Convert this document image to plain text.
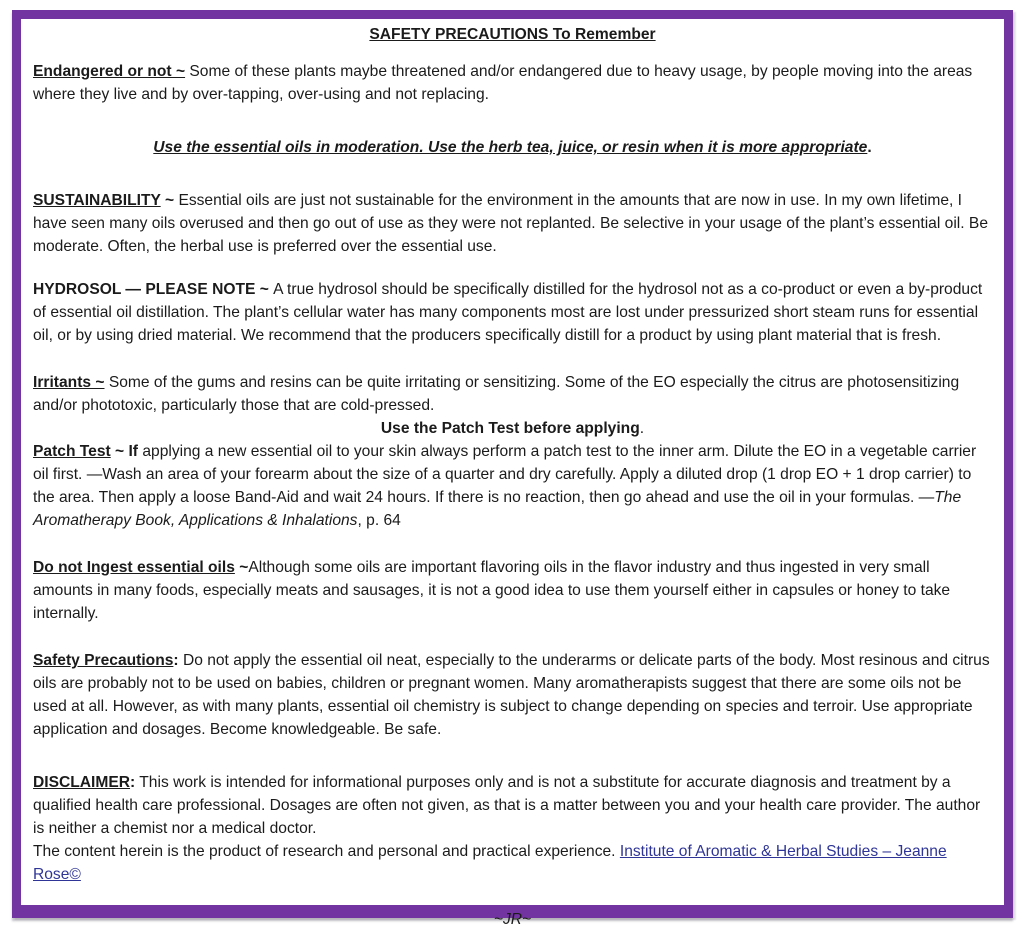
SAFETY PRECAUTIONS To Remember
Endangered or not ~ Some of these plants maybe threatened and/or endangered due to heavy usage, by people moving into the areas where they live and by over-tapping, over-using and not replacing.
Use the essential oils in moderation. Use the herb tea, juice, or resin when it is more appropriate.
SUSTAINABILITY ~ Essential oils are just not sustainable for the environment in the amounts that are now in use. In my own lifetime, I have seen many oils overused and then go out of use as they were not replanted. Be selective in your usage of the plant’s essential oil. Be moderate. Often, the herbal use is preferred over the essential use.
HYDROSOL — PLEASE NOTE ~ A true hydrosol should be specifically distilled for the hydrosol not as a co-product or even a by-product of essential oil distillation. The plant’s cellular water has many components most are lost under pressurized short steam runs for essential oil, or by using dried material. We recommend that the producers specifically distill for a product by using plant material that is fresh.
Irritants ~ Some of the gums and resins can be quite irritating or sensitizing. Some of the EO especially the citrus are photosensitizing and/or phototoxic, particularly those that are cold-pressed.
Use the Patch Test before applying.
Patch Test ~ If applying a new essential oil to your skin always perform a patch test to the inner arm. Dilute the EO in a vegetable carrier oil first. —Wash an area of your forearm about the size of a quarter and dry carefully. Apply a diluted drop (1 drop EO + 1 drop carrier) to the area. Then apply a loose Band-Aid and wait 24 hours. If there is no reaction, then go ahead and use the oil in your formulas. —The Aromatherapy Book, Applications & Inhalations, p. 64
Do not Ingest essential oils ~Although some oils are important flavoring oils in the flavor industry and thus ingested in very small amounts in many foods, especially meats and sausages, it is not a good idea to use them yourself either in capsules or honey to take internally.
Safety Precautions: Do not apply the essential oil neat, especially to the underarms or delicate parts of the body. Most resinous and citrus oils are probably not to be used on babies, children or pregnant women. Many aromatherapists suggest that there are some oils not be used at all. However, as with many plants, essential oil chemistry is subject to change depending on species and terroir. Use appropriate application and dosages. Become knowledgeable. Be safe.
DISCLAIMER: This work is intended for informational purposes only and is not a substitute for accurate diagnosis and treatment by a qualified health care professional. Dosages are often not given, as that is a matter between you and your health care provider. The author is neither a chemist nor a medical doctor.
The content herein is the product of research and personal and practical experience. Institute of Aromatic & Herbal Studies – Jeanne Rose©
~JR~
